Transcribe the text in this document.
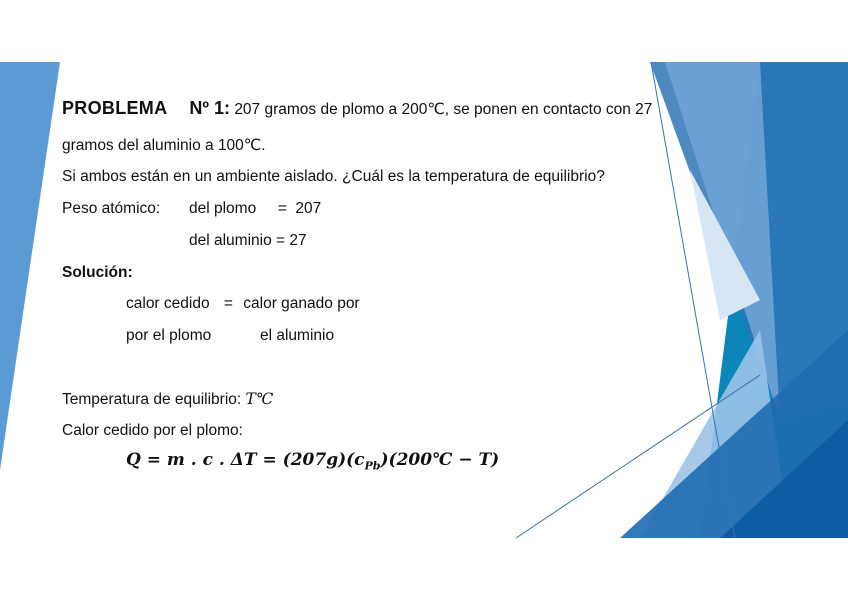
PROBLEMA Nº 1: 207 gramos de plomo a 200℃, se ponen en contacto con 27
gramos del aluminio a 100℃.
Si ambos están en un ambiente aislado. ¿Cuál es la temperatura de equilibrio?
Peso atómico: del plomo     =  207
del aluminio = 27
Solución:
calor cedido = calor ganado por
por el plomo	el aluminio
Temperatura de equilibrio: T℃
Calor cedido por el plomo:
Q = m . c . $\Delta T = (207g)(c_{Pb})(200℃ - T)$
